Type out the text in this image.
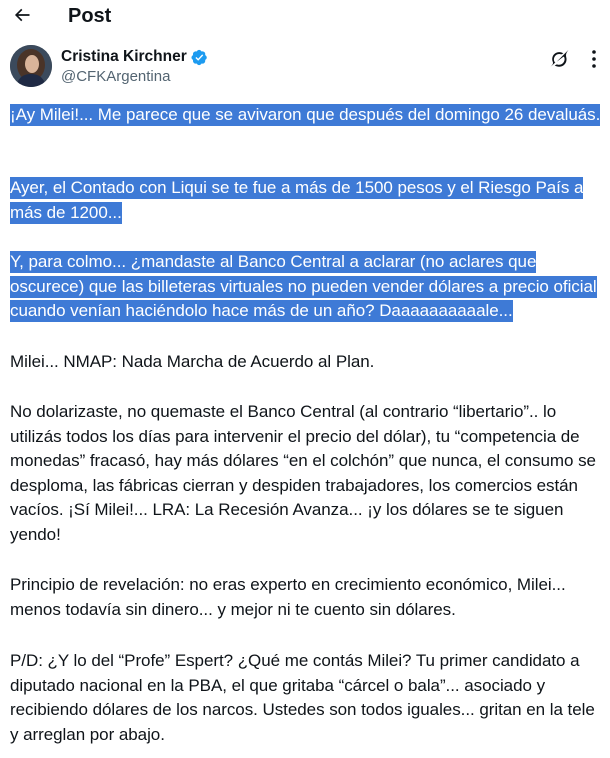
Post
Cristina Kirchner
@CFKArgentina
¡Ay Milei!... Me parece que se avivaron que después del domingo 26 devaluás.
Ayer, el Contado con Liqui se te fue a más de 1500 pesos y el Riesgo País a más de 1200...
Y, para colmo... ¿mandaste al Banco Central a aclarar (no aclares que oscurece) que las billeteras virtuales no pueden vender dólares a precio oficial cuando venían haciéndolo hace más de un año? Daaaaaaaaaale...
Milei... NMAP: Nada Marcha de Acuerdo al Plan.
No dolarizaste, no quemaste el Banco Central (al contrario “libertario”.. lo utilizás todos los días para intervenir el precio del dólar), tu “competencia de monedas” fracasó, hay más dólares “en el colchón” que nunca, el consumo se desploma, las fábricas cierran y despiden trabajadores, los comercios están vacíos. ¡Sí Milei!... LRA: La Recesión Avanza... ¡y los dólares se te siguen yendo!
Principio de revelación: no eras experto en crecimiento económico, Milei... menos todavía sin dinero... y mejor ni te cuento sin dólares.
P/D: ¿Y lo del “Profe” Espert? ¿Qué me contás Milei? Tu primer candidato a diputado nacional en la PBA, el que gritaba “cárcel o bala”... asociado y recibiendo dólares de los narcos. Ustedes son todos iguales... gritan en la tele y arreglan por abajo.
